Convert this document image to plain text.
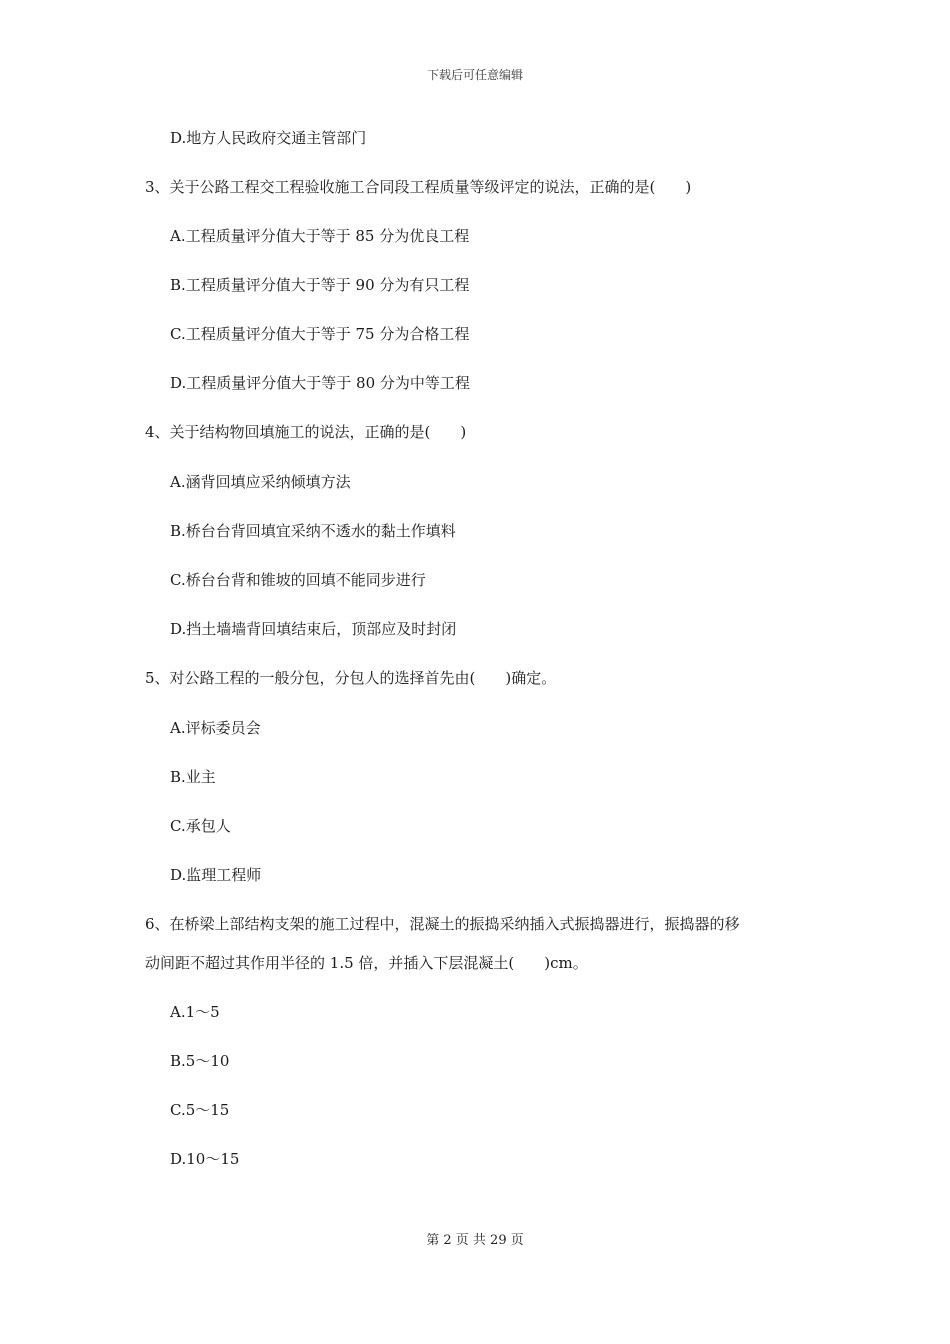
下载后可任意编辑
D.地方人民政府交通主管部门
3、关于公路工程交工程验收施工合同段工程质量等级评定的说法，正确的是(　　)
A.工程质量评分值大于等于 85 分为优良工程
B.工程质量评分值大于等于 90 分为有只工程
C.工程质量评分值大于等于 75 分为合格工程
D.工程质量评分值大于等于 80 分为中等工程
4、关于结构物回填施工的说法，正确的是(　　)
A.涵背回填应采纳倾填方法
B.桥台台背回填宜采纳不透水的黏土作填料
C.桥台台背和锥坡的回填不能同步进行
D.挡土墙墙背回填结束后，顶部应及时封闭
5、对公路工程的一般分包，分包人的选择首先由(　　)确定。
A.评标委员会
B.业主
C.承包人
D.监理工程师
6、在桥梁上部结构支架的施工过程中，混凝土的振捣采纳插入式振捣器进行，振捣器的移
动间距不超过其作用半径的 1.5 倍，并插入下层混凝土(　　)cm。
A.1～5
B.5～10
C.5～15
D.10～15
第 2 页 共 29 页
